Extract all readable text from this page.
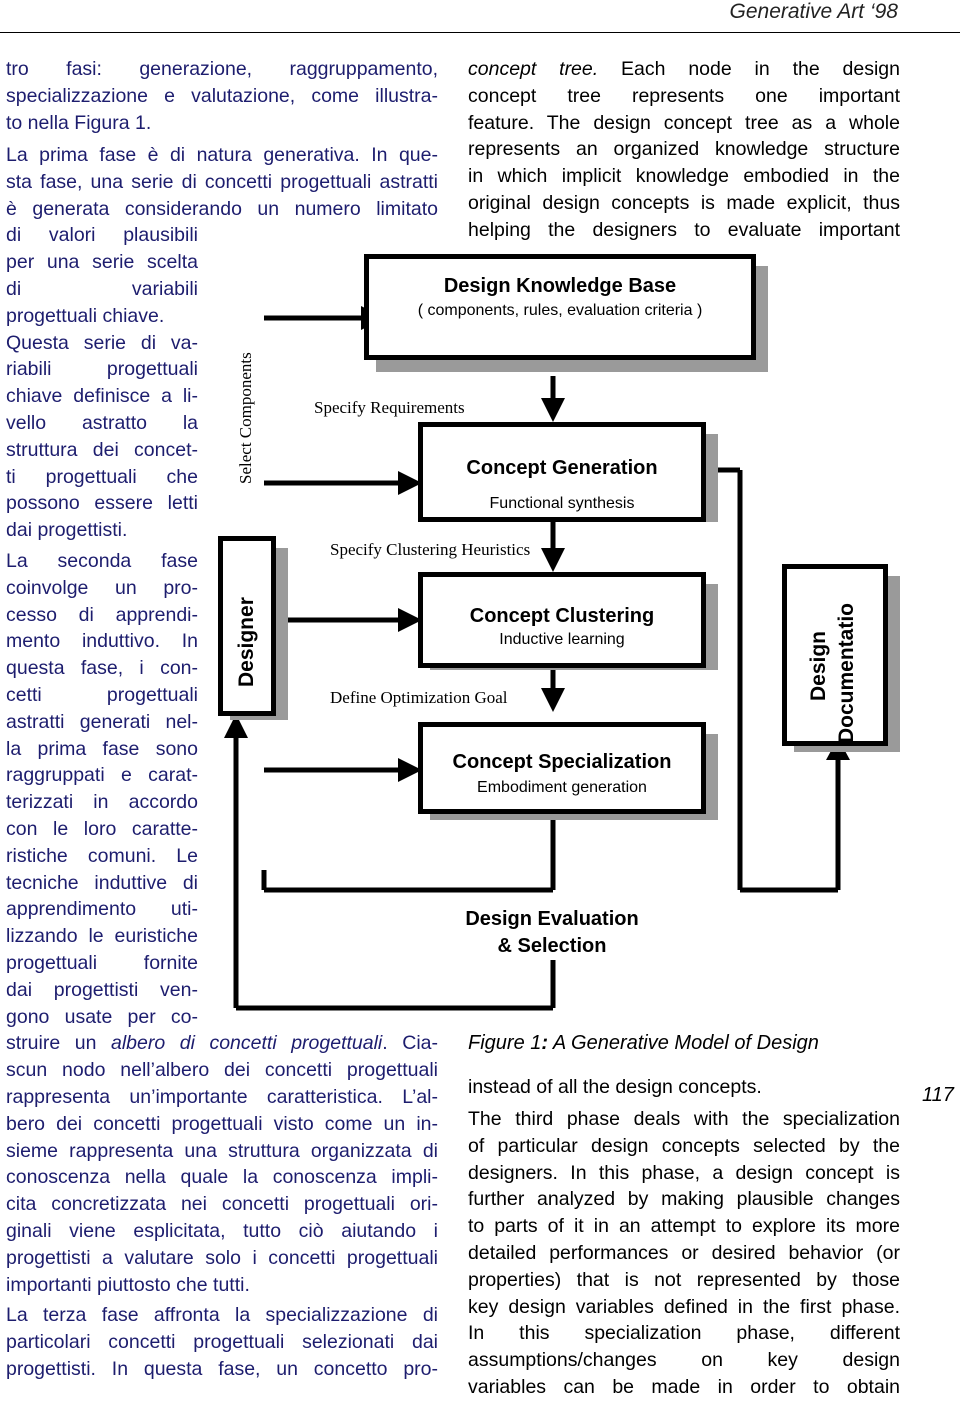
Generative Art ‘98
117
tro fasi: generazione, raggruppamento,
specializzazione e valutazione, come illustra-
to nella Figura 1.
La prima fase è di natura generativa. In que-
sta fase, una serie di concetti progettuali astratti
è generata considerando un numero limitato
di valori plausibili
per una serie scelta
di variabili
progettuali chiave.
Questa serie di va-
riabili progettuali
chiave definisce a li-
vello astratto la
struttura dei concet-
ti progettuali che
possono essere letti
dai progettisti.
La seconda fase
coinvolge un pro-
cesso di apprendi-
mento induttivo. In
questa fase, i con-
cetti progettuali
astratti generati nel-
la prima fase sono
raggruppati e carat-
terizzati in accordo
con le loro caratte-
ristiche comuni. Le
tecniche induttive di
apprendimento uti-
lizzando le euristiche
progettuali fornite
dai progettisti ven-
gono usate per co-
struire un albero di concetti progettuali. Cia-
scun nodo nell’albero dei concetti progettuali
rappresenta un’importante caratteristica. L’al-
bero dei concetti progettuali visto come un in-
sieme rappresenta una struttura organizzata di
conoscenza nella quale la conoscenza impli-
cita concretizzata nei concetti progettuali ori-
ginali viene esplicitata, tutto ciò aiutando i
progettisti a valutare solo i concetti progettuali
importanti piuttosto che tutti.
La terza fase affronta la specializzazione di
particolari concetti progettuali selezionati dai
progettisti. In questa fase, un concetto pro-
concept tree. Each node in the design
concept tree represents one important
feature. The design concept tree as a whole
represents an organized knowledge structure
in which implicit knowledge embodied in the
original design concepts is made explicit, thus
helping the designers to evaluate important

Figure 1: A Generative Model of Design

instead of all the design concepts.
The third phase deals with the specialization
of particular design concepts selected by the
designers. In this phase, a design concept is
further analyzed by making plausible changes
to parts of it in an attempt to explore its more
detailed performances or desired behavior (or
properties) that is not represented by those
key design variables defined in the first phase.
In this specialization phase, different
assumptions/changes on key design
variables can be made in order to obtain
Design Knowledge Base
( components, rules, evaluation criteria )
Designer
Select Components	Specify Requirements
Concept Generation
Functional synthesis
Specify Clustering Heuristics
Concept Clustering
Inductive learning
Define Optimization Goal
Concept Specialization
Embodiment generation
Design Documentatio
Design Evaluation
& Selection
